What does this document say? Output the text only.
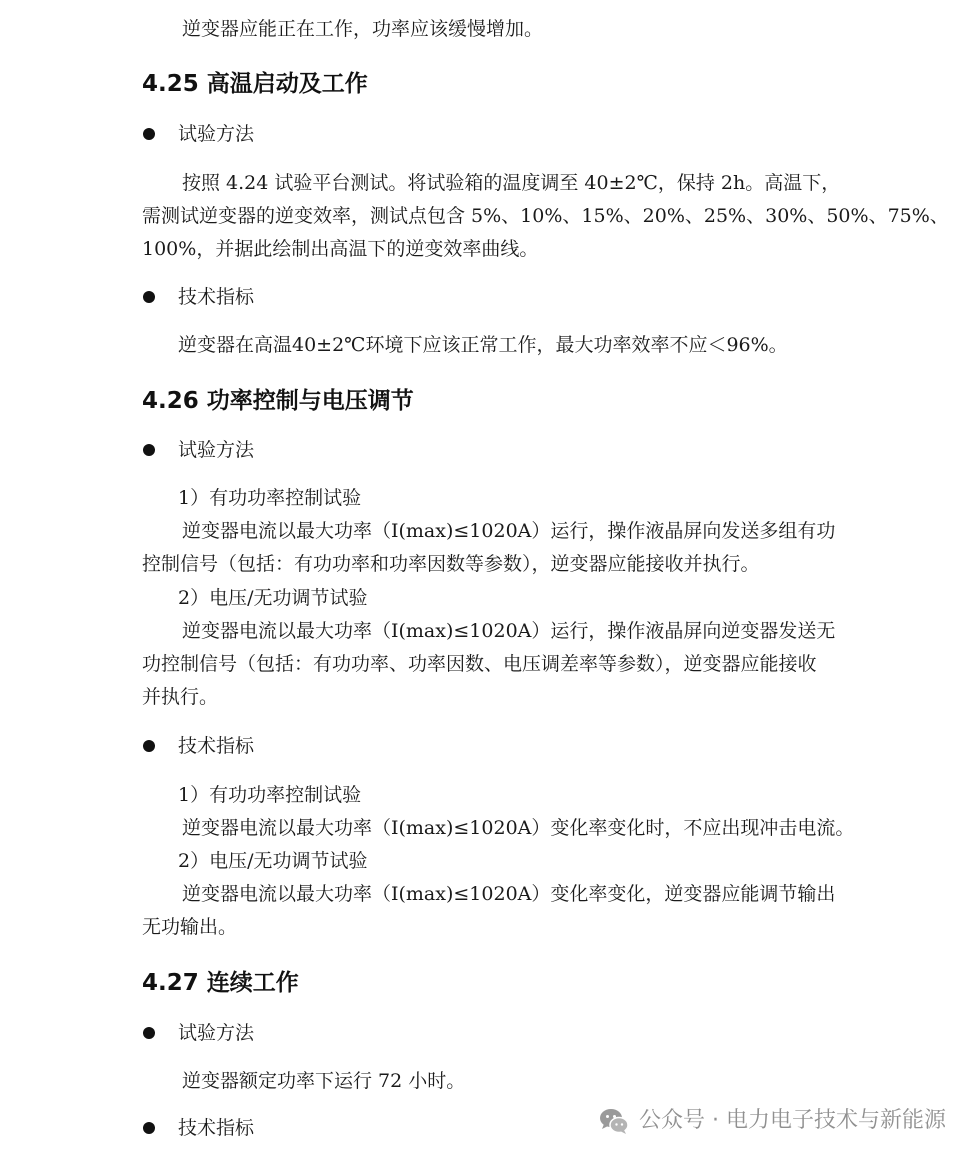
逆变器应能正在工作，功率应该缓慢增加。
4.25 高温启动及工作
试验方法
按照 4.24 试验平台测试。将试验箱的温度调至 40±2℃，保持 2h。高温下，
需测试逆变器的逆变效率，测试点包含 5%、10%、15%、20%、25%、30%、50%、75%、
100%，并据此绘制出高温下的逆变效率曲线。
技术指标
逆变器在高温40±2℃环境下应该正常工作，最大功率效率不应＜96%。
4.26 功率控制与电压调节
试验方法
1）有功功率控制试验
逆变器电流以最大功率（I(max)≤1020A）运行，操作液晶屏向发送多组有功
控制信号（包括：有功功率和功率因数等参数），逆变器应能接收并执行。
2）电压/无功调节试验
逆变器电流以最大功率（I(max)≤1020A）运行，操作液晶屏向逆变器发送无
功控制信号（包括：有功功率、功率因数、电压调差率等参数），逆变器应能接收
并执行。
技术指标
1）有功功率控制试验
逆变器电流以最大功率（I(max)≤1020A）变化率变化时，不应出现冲击电流。
2）电压/无功调节试验
逆变器电流以最大功率（I(max)≤1020A）变化率变化，逆变器应能调节输出
无功输出。
4.27 连续工作
试验方法
逆变器额定功率下运行 72 小时。
技术指标	公众号 · 电力电子技术与新能源
